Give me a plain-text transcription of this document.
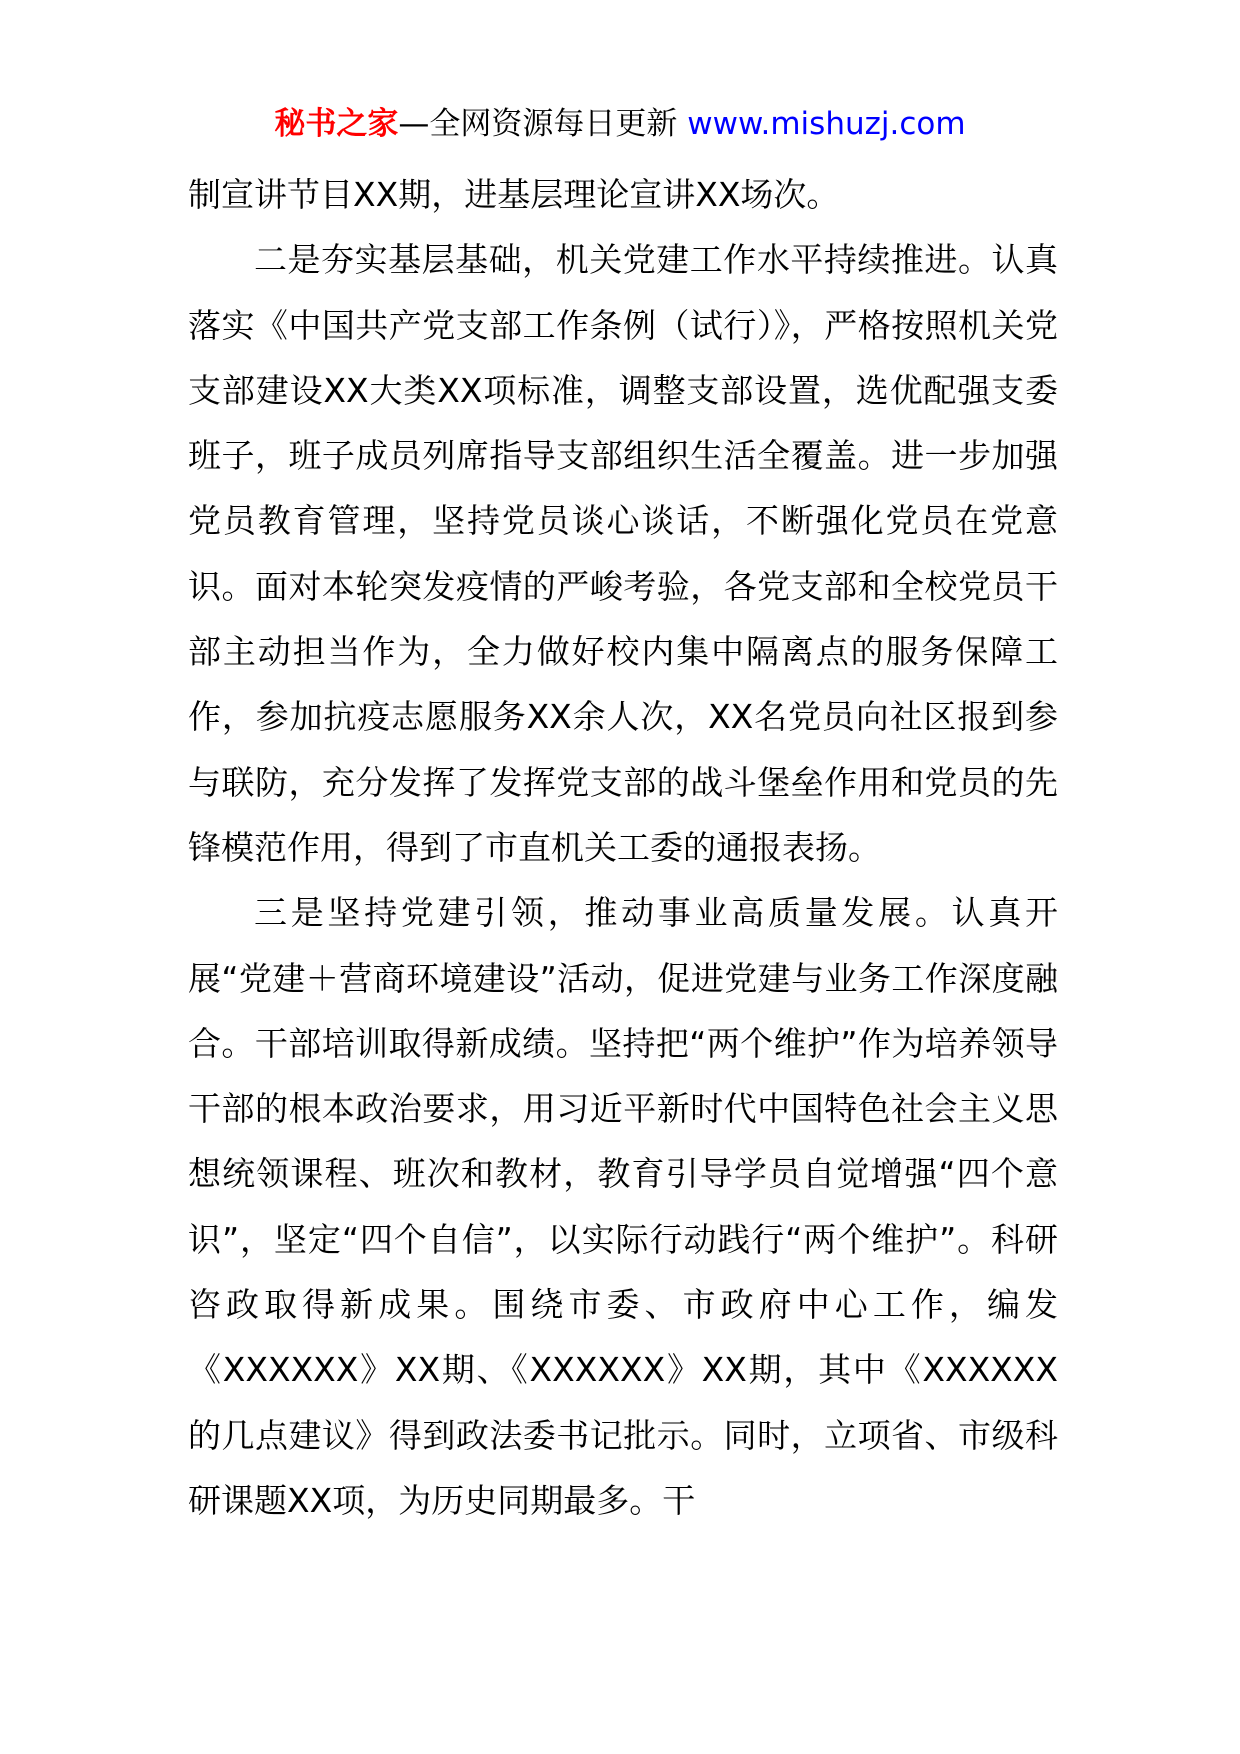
秘书之家—全网资源每日更新 www.mishuzj.com

制宣讲节目XX期，进基层理论宣讲XX场次。

二是夯实基层基础，机关党建工作水平持续推进。认真落实《中国共产党支部工作条例（试行）》，严格按照机关党支部建设XX大类XX项标准，调整支部设置，选优配强支委班子，班子成员列席指导支部组织生活全覆盖。进一步加强党员教育管理，坚持党员谈心谈话，不断强化党员在党意识。面对本轮突发疫情的严峻考验，各党支部和全校党员干部主动担当作为，全力做好校内集中隔离点的服务保障工作，参加抗疫志愿服务XX余人次，XX名党员向社区报到参与联防，充分发挥了发挥党支部的战斗堡垒作用和党员的先锋模范作用，得到了市直机关工委的通报表扬。

三是坚持党建引领，推动事业高质量发展。认真开展“党建＋营商环境建设”活动，促进党建与业务工作深度融合。干部培训取得新成绩。坚持把“两个维护”作为培养领导干部的根本政治要求，用习近平新时代中国特色社会主义思想统领课程、班次和教材，教育引导学员自觉增强“四个意识”，坚定“四个自信”，以实际行动践行“两个维护”。科研咨政取得新成果。围绕市委、市政府中心工作，编发《XXXXXX》XX期、《XXXXXX》XX期，其中《XXXXXX的几点建议》得到政法委书记批示。同时，立项省、市级科研课题XX项，为历史同期最多。干
